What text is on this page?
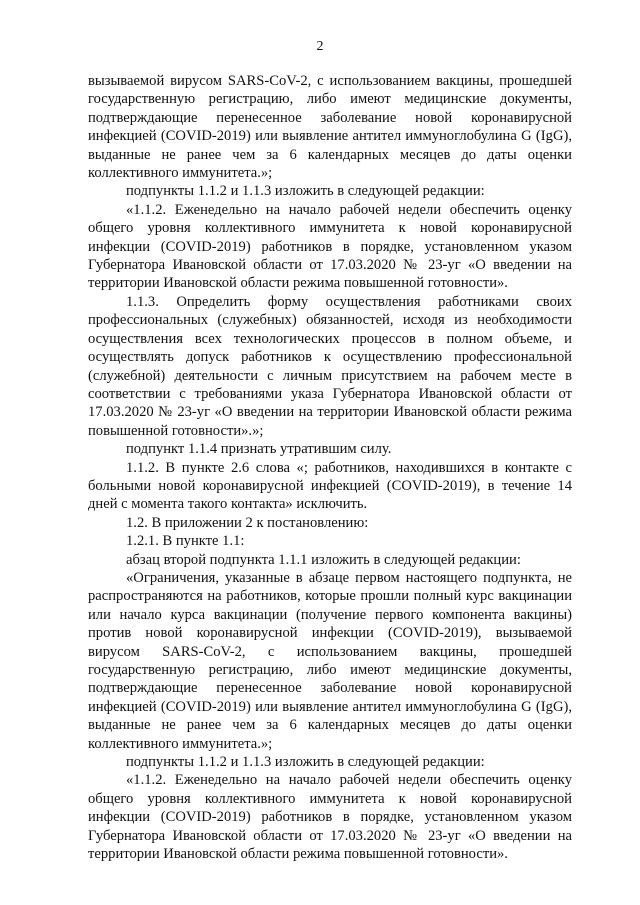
2

вызываемой вирусом SARS-CoV-2, с использованием вакцины, прошедшей государственную регистрацию, либо имеют медицинские документы, подтверждающие перенесенное заболевание новой коронавирусной инфекцией (COVID-2019) или выявление антител иммуноглобулина G (IgG), выданные не ранее чем за 6 календарных месяцев до даты оценки коллективного иммунитета.»;

подпункты 1.1.2 и 1.1.3 изложить в следующей редакции:

«1.1.2. Еженедельно на начало рабочей недели обеспечить оценку общего уровня коллективного иммунитета к новой коронавирусной инфекции (COVID-2019) работников в порядке, установленном указом Губернатора Ивановской области от 17.03.2020 № 23-уг «О введении на территории Ивановской области режима повышенной готовности».

1.1.3. Определить форму осуществления работниками своих профессиональных (служебных) обязанностей, исходя из необходимости осуществления всех технологических процессов в полном объеме, и осуществлять допуск работников к осуществлению профессиональной (служебной) деятельности с личным присутствием на рабочем месте в соответствии с требованиями указа Губернатора Ивановской области от 17.03.2020 № 23-уг «О введении на территории Ивановской области режима повышенной готовности».»;

подпункт 1.1.4 признать утратившим силу.

1.1.2. В пункте 2.6 слова «; работников, находившихся в контакте с больными новой коронавирусной инфекцией (COVID-2019), в течение 14 дней с момента такого контакта» исключить.

1.2. В приложении 2 к постановлению:

1.2.1. В пункте 1.1:

абзац второй подпункта 1.1.1 изложить в следующей редакции:

«Ограничения, указанные в абзаце первом настоящего подпункта, не распространяются на работников, которые прошли полный курс вакцинации или начало курса вакцинации (получение первого компонента вакцины) против новой коронавирусной инфекции (COVID-2019), вызываемой вирусом SARS-CoV-2, с использованием вакцины, прошедшей государственную регистрацию, либо имеют медицинские документы, подтверждающие перенесенное заболевание новой коронавирусной инфекцией (COVID-2019) или выявление антител иммуноглобулина G (IgG), выданные не ранее чем за 6 календарных месяцев до даты оценки коллективного иммунитета.»;

подпункты 1.1.2 и 1.1.3 изложить в следующей редакции:

«1.1.2. Еженедельно на начало рабочей недели обеспечить оценку общего уровня коллективного иммунитета к новой коронавирусной инфекции (COVID-2019) работников в порядке, установленном указом Губернатора Ивановской области от 17.03.2020 № 23-уг «О введении на территории Ивановской области режима повышенной готовности».
